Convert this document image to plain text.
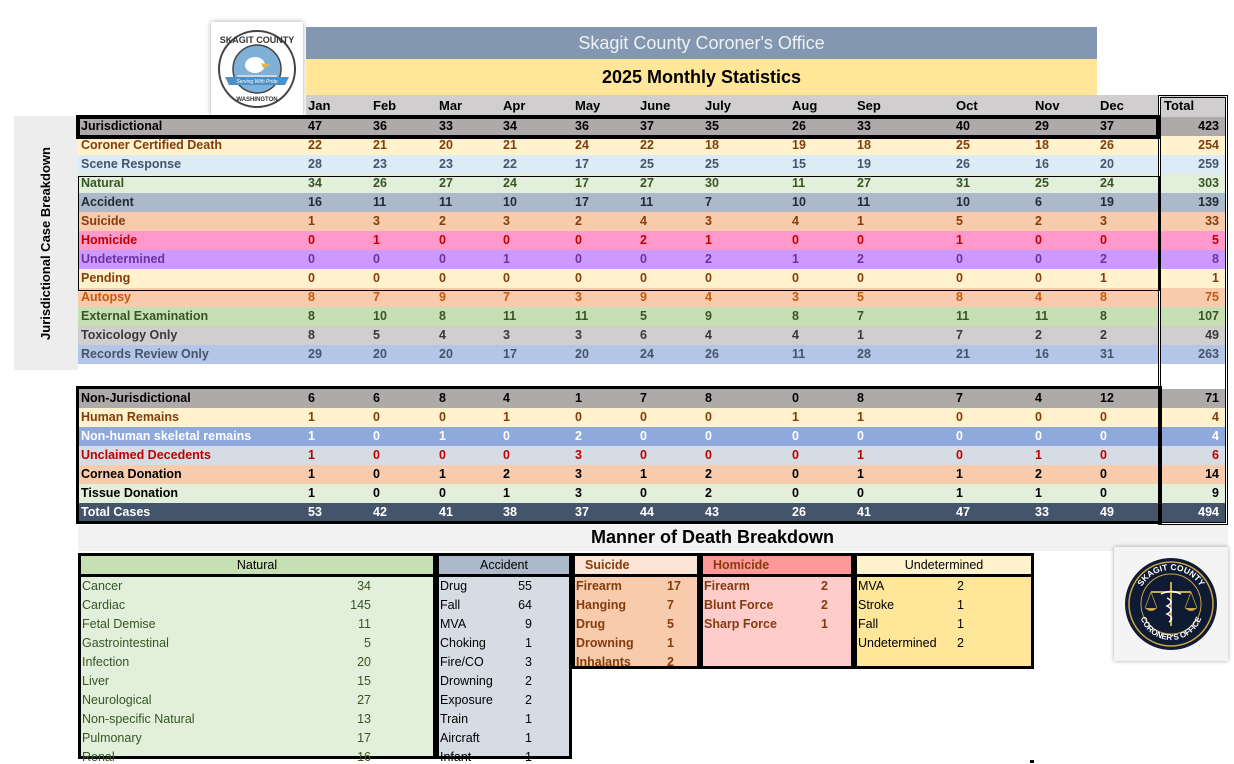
Serving With Pride
SKAGIT COUNTY
WASHINGTON
Skagit County Coroner's Office
2025 Monthly Statistics
Jan	Feb	Mar	Apr	May	June	July	Aug	Sep	Oct	Nov	Dec	Total
Jurisdictional Case Breakdown
Jurisdictional	47	36	33	34	36	37	35	26	33	40	29	37	423
Coroner Certified Death	22	21	20	21	24	22	18	19	18	25	18	26	254
Scene Response	28	23	23	22	17	25	25	15	19	26	16	20	259
Natural	34	26	27	24	17	27	30	11	27	31	25	24	303
Accident	16	11	11	10	17	11	7	10	11	10	6	19	139
Suicide	1	3	2	3	2	4	3	4	1	5	2	3	33
Homicide	0	1	0	0	0	2	1	0	0	1	0	0	5
Undetermined	0	0	0	1	0	0	2	1	2	0	0	2	8
Pending	0	0	0	0	0	0	0	0	0	0	0	1	1
Autopsy	8	7	9	7	3	9	4	3	5	8	4	8	75
External Examination	8	10	8	11	11	5	9	8	7	11	11	8	107
Toxicology Only	8	5	4	3	3	6	4	4	1	7	2	2	49
Records Review Only	29	20	20	17	20	24	26	11	28	21	16	31	263
Non-Jurisdictional	6	6	8	4	1	7	8	0	8	7	4	12	71
Human Remains	1	0	0	1	0	0	0	1	1	0	0	0	4
Non-human skeletal remains	1	0	1	0	2	0	0	0	0	0	0	0	4
Unclaimed Decedents	1	0	0	0	3	0	0	0	1	0	1	0	6
Cornea Donation	1	0	1	2	3	1	2	0	1	1	2	0	14
Tissue Donation	1	0	0	1	3	0	2	0	0	1	1	0	9
Total Cases	53	42	41	38	37	44	43	26	41	47	33	49	494
Manner of Death Breakdown
Natural
Cancer	34
Cardiac	145
Fetal Demise	11
Gastrointestinal	5
Infection	20
Liver	15
Neurological	27
Non-specific Natural	13
Pulmonary	17
Renal	16
Accident
Drug	55
Fall	64
MVA	9
Choking	1
Fire/CO	3
Drowning	2
Exposure	2
Train	1
Aircraft	1
Infant	1
Suicide
Firearm	17
Hanging	7
Drug	5
Drowning	1
Inhalants	2
Homicide
Firearm	2
Blunt Force	2
Sharp Force	1
Undetermined
MVA	2
Stroke	1
Fall	1
Undetermined 2
SKAGIT COUNTY
CORONER'S OFFICE
